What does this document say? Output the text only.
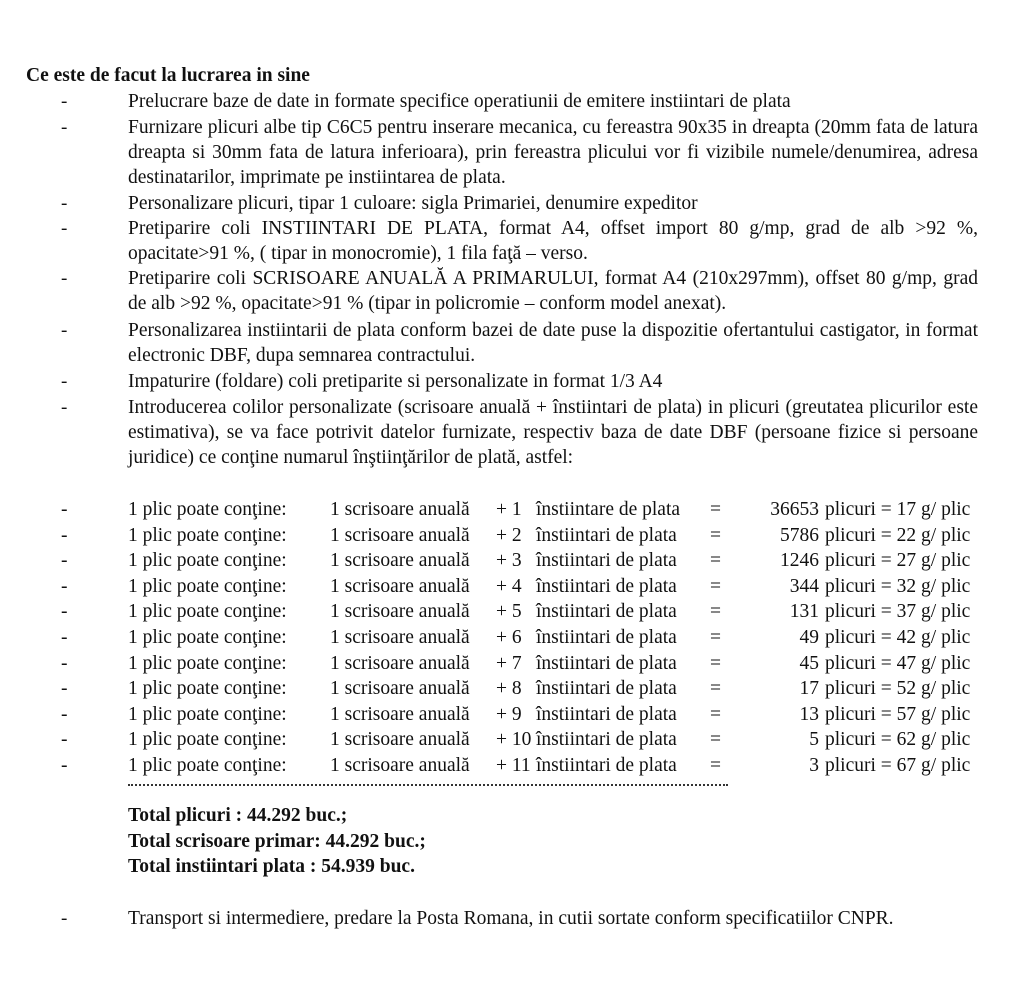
Ce este de facut la lucrarea in sine
-	Prelucrare baze de date in formate specifice operatiunii de emitere instiintari de plata
-	Furnizare plicuri albe tip C6C5 pentru inserare mecanica, cu fereastra 90x35 in dreapta (20mm fata de latura dreapta si 30mm fata de latura inferioara), prin fereastra plicului vor fi vizibile numele/denumirea, adresa destinatarilor, imprimate pe instiintarea de plata.
-	Personalizare plicuri, tipar 1 culoare: sigla Primariei, denumire expeditor
-	Pretiparire coli INSTIINTARI DE PLATA, format A4, offset import 80 g/mp, grad de alb >92 %, opacitate>91 %, ( tipar in monocromie), 1 fila faţă – verso.
-	Pretiparire coli SCRISOARE ANUALĂ A PRIMARULUI, format A4 (210x297mm), offset 80 g/mp, grad de alb >92 %, opacitate>91 % (tipar in policromie – conform model anexat).
-	Personalizarea instiintarii de plata conform bazei de date puse la dispozitie ofertantului castigator, in format electronic DBF, dupa semnarea contractului.
-	Impaturire (foldare) coli pretiparite si personalizate in format 1/3 A4
-	Introducerea colilor personalizate (scrisoare anuală + înstiintari de plata) in plicuri (greutatea plicurilor este estimativa), se va face potrivit datelor furnizate, respectiv baza de date DBF (persoane fizice si persoane juridice) ce conţine numarul înştiinţărilor de plată, astfel:
-	1 plic poate conţine: 1 scrisoare anuală + 1 înstiintare de plata =	36653 plicuri = 17 g/ plic
-	1 plic poate conţine: 1 scrisoare anuală + 2 înstiintari de plata =	5786 plicuri = 22 g/ plic
-	1 plic poate conţine: 1 scrisoare anuală + 3 înstiintari de plata =	1246 plicuri = 27 g/ plic
-	1 plic poate conţine: 1 scrisoare anuală + 4 înstiintari de plata =	344 plicuri = 32 g/ plic
-	1 plic poate conţine: 1 scrisoare anuală + 5 înstiintari de plata =	131 plicuri = 37 g/ plic
-	1 plic poate conţine: 1 scrisoare anuală + 6 înstiintari de plata =	49 plicuri = 42 g/ plic
-	1 plic poate conţine: 1 scrisoare anuală + 7 înstiintari de plata =	45 plicuri = 47 g/ plic
-	1 plic poate conţine: 1 scrisoare anuală + 8 înstiintari de plata =	17 plicuri = 52 g/ plic
-	1 plic poate conţine: 1 scrisoare anuală + 9 înstiintari de plata =	13 plicuri = 57 g/ plic
-	1 plic poate conţine: 1 scrisoare anuală + 10 înstiintari de plata =	5 plicuri = 62 g/ plic
-	1 plic poate conţine: 1 scrisoare anuală + 11 înstiintari de plata =	3 plicuri = 67 g/ plic
Total plicuri : 44.292 buc.;
Total scrisoare primar: 44.292 buc.;
Total instiintari plata : 54.939 buc.
-	Transport si intermediere, predare la Posta Romana, in cutii sortate conform specificatiilor CNPR.
